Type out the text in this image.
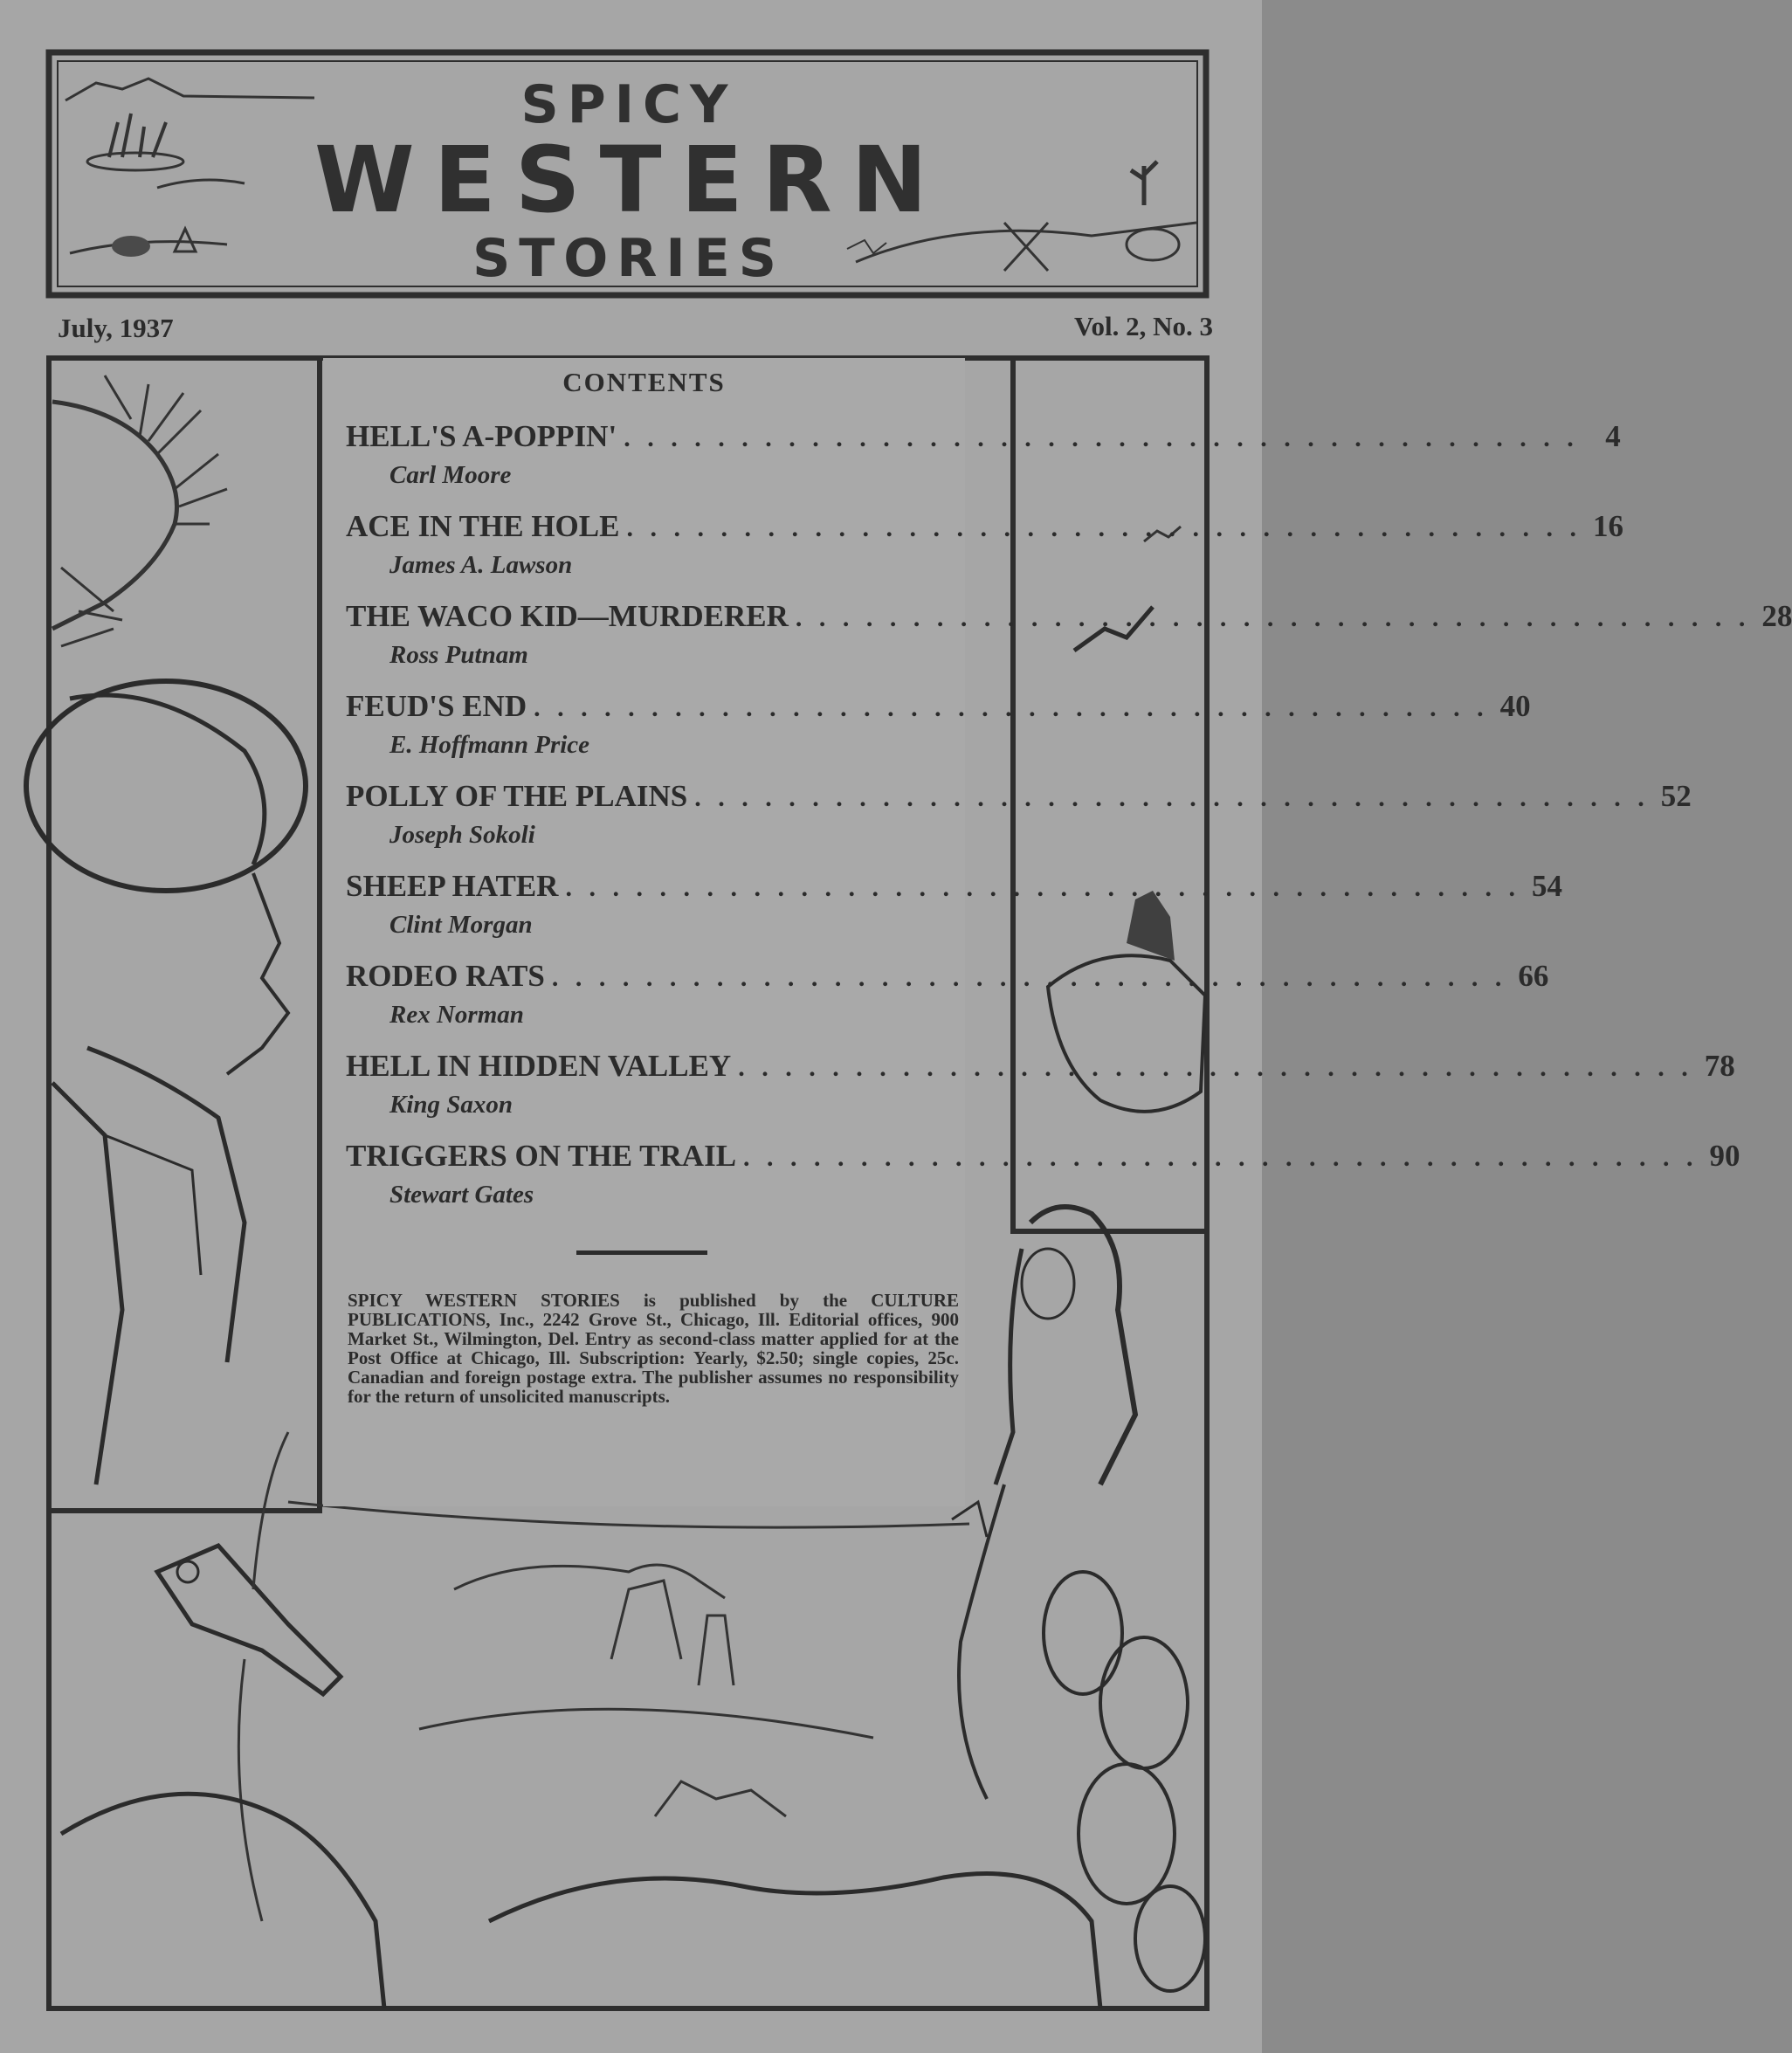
SPICY
WESTERN
STORIES
July, 1937	Vol. 2, No. 3
CONTENTS
HELL'S A-POPPIN' . . . . . . . . . . . . . . . . . . . . . . . . . . . . . . . . . . . . . . . . . 4
Carl Moore
ACE IN THE HOLE . . . . . . . . . . . . . . . . . . . . . . . . . . . . . . . . . . . . . . . . . 16
James A. Lawson
THE WACO KID—MURDERER . . . . . . . . . . . . . . . . . . . . . . . . . . . . . . . . . . . . . . . . . 28
Ross Putnam
FEUD'S END . . . . . . . . . . . . . . . . . . . . . . . . . . . . . . . . . . . . . . . . . 40
E. Hoffmann Price
POLLY OF THE PLAINS . . . . . . . . . . . . . . . . . . . . . . . . . . . . . . . . . . . . . . . . . 52
Joseph Sokoli
SHEEP HATER . . . . . . . . . . . . . . . . . . . . . . . . . . . . . . . . . . . . . . . . . 54
Clint Morgan
RODEO RATS . . . . . . . . . . . . . . . . . . . . . . . . . . . . . . . . . . . . . . . . . 66
Rex Norman
HELL IN HIDDEN VALLEY . . . . . . . . . . . . . . . . . . . . . . . . . . . . . . . . . . . . . . . . . 78
King Saxon
TRIGGERS ON THE TRAIL . . . . . . . . . . . . . . . . . . . . . . . . . . . . . . . . . . . . . . . . . 90
Stewart Gates
SPICY WESTERN STORIES is published by the CULTURE PUBLICATIONS, Inc., 2242 Grove St., Chicago, Ill. Editorial offices, 900 Market St., Wilmington, Del. Entry as second-class matter applied for at the Post Office at Chicago, Ill. Subscription: Yearly, $2.50; single copies, 25c. Canadian and foreign postage extra. The publisher assumes no responsibility for the return of unsolicited manuscripts.
